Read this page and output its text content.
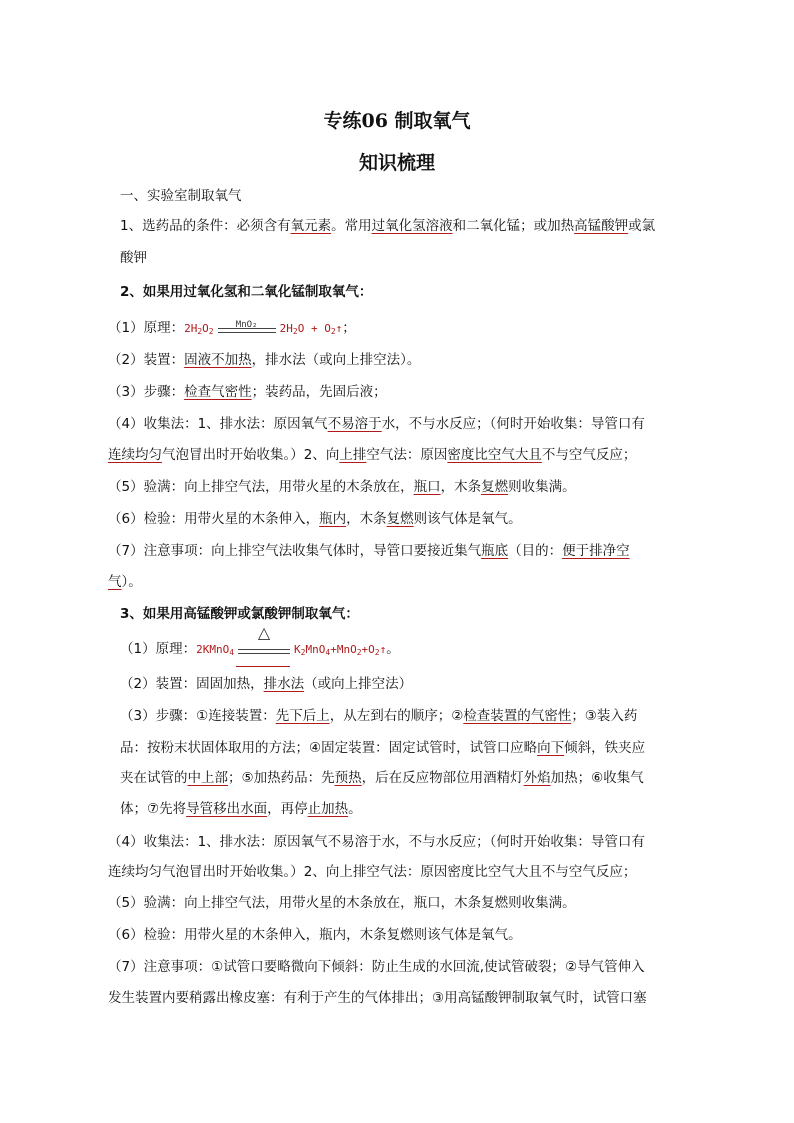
专练06 制取氧气
知识梳理
一、实验室制取氧气
1、选药品的条件：必须含有氧元素。常用过氧化氢溶液和二氧化锰；或加热高锰酸钾或氯
酸钾
2、如果用过氧化氢和二氧化锰制取氧气：
（1）原理：$2H_2O_2$
MnO₂	$2H_2O$ + $O_2↑$；
（2）装置：固液不加热，排水法（或向上排空法）。
（3）步骤：检查气密性；装药品，先固后液；
（4）收集法：1、排水法：原因氧气不易溶于水，不与水反应；（何时开始收集：导管口有
连续均匀气泡冒出时开始收集。）2、向上排空气法：原因密度比空气大且不与空气反应；
（5）验满：向上排空气法，用带火星的木条放在，瓶口，木条复燃则收集满。
（6）检验：用带火星的木条伸入，瓶内，木条复燃则该气体是氧气。
（7）注意事项：向上排空气法收集气体时，导管口要接近集气瓶底（目的：便于排净空
气）。
3、如果用高锰酸钾或氯酸钾制取氧气：
（1）原理：2KMnO$_4$
△
$K_2MnO_4+MnO_2+O_2↑$。
（2）装置：固固加热，排水法（或向上排空法）
（3）步骤：①连接装置：先下后上，从左到右的顺序；②检查装置的气密性；③装入药
品：按粉末状固体取用的方法；④固定装置：固定试管时，试管口应略向下倾斜，铁夹应
夹在试管的中上部；⑤加热药品：先预热，后在反应物部位用酒精灯外焰加热；⑥收集气
体；⑦先将导管移出水面，再停止加热。
（4）收集法：1、排水法：原因氧气不易溶于水，不与水反应；（何时开始收集：导管口有
连续均匀气泡冒出时开始收集。）2、向上排空气法：原因密度比空气大且不与空气反应；
（5）验满：向上排空气法，用带火星的木条放在，瓶口，木条复燃则收集满。
（6）检验：用带火星的木条伸入，瓶内，木条复燃则该气体是氧气。
（7）注意事项：①试管口要略微向下倾斜：防止生成的水回流,使试管破裂；②导气管伸入
发生装置内要稍露出橡皮塞：有利于产生的气体排出；③用高锰酸钾制取氧气时，试管口塞
